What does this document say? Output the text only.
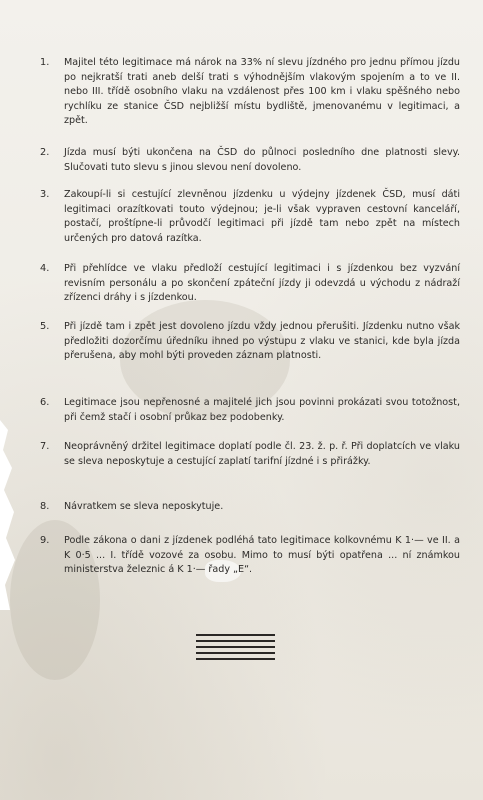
1.	Majitel této legitimace má nárok na 33% ní slevu jízdného pro jednu přímou jízdu po nejkratší trati aneb delší trati s výhodnějším vlakovým spojením a to ve II. nebo III. třídě osobního vlaku na vzdálenost přes 100 km i vlaku spěšného nebo rychlíku ze stanice ČSD nejbližší místu bydliště, jmenovanému v legitimaci, a zpět.
2.	Jízda musí býti ukončena na ČSD do půlnoci posledního dne platnosti slevy. Slučovati tuto slevu s jinou slevou není dovoleno.
3.	Zakoupí-li si cestující zlevněnou jízdenku u výdejny jízdenek ČSD, musí dáti legitimaci orazítkovati touto výdejnou; je-li však vypraven cestovní kanceláří, postačí, proštípne-li průvodčí legitimaci při jízdě tam nebo zpět na místech určených pro datová razítka.
4.	Při přehlídce ve vlaku předloží cestující legitimaci i s jízdenkou bez vyzvání revisním personálu a po skončení zpáteční jízdy ji odevzdá u východu z nádraží zřízenci dráhy i s jízdenkou.
5.	Při jízdě tam i zpět jest dovoleno jízdu vždy jednou přerušiti. Jízdenku nutno však předložiti dozorčímu úředníku ihned po výstupu z vlaku ve stanici, kde byla jízda přerušena, aby mohl býti proveden záznam platnosti.
6.	Legitimace jsou nepřenosné a majitelé jich jsou povinni prokázati svou totožnost, při čemž stačí i osobní průkaz bez podobenky.
7.	Neoprávněný držitel legitimace doplatí podle čl. 23. ž. p. ř. Při doplatcích ve vlaku se sleva neposkytuje a cestující zaplatí tarifní jízdné i s přirážky.
8.	Návratkem se sleva neposkytuje.
9.	Podle zákona o dani z jízdenek podléhá tato legitimace kolkovnému K 1·— ve II. a K 0·5 ... I. třídě vozové za osobu. Mimo to musí býti opatřena ... ní známkou ministerstva železnic á K 1·— řady „E“.
